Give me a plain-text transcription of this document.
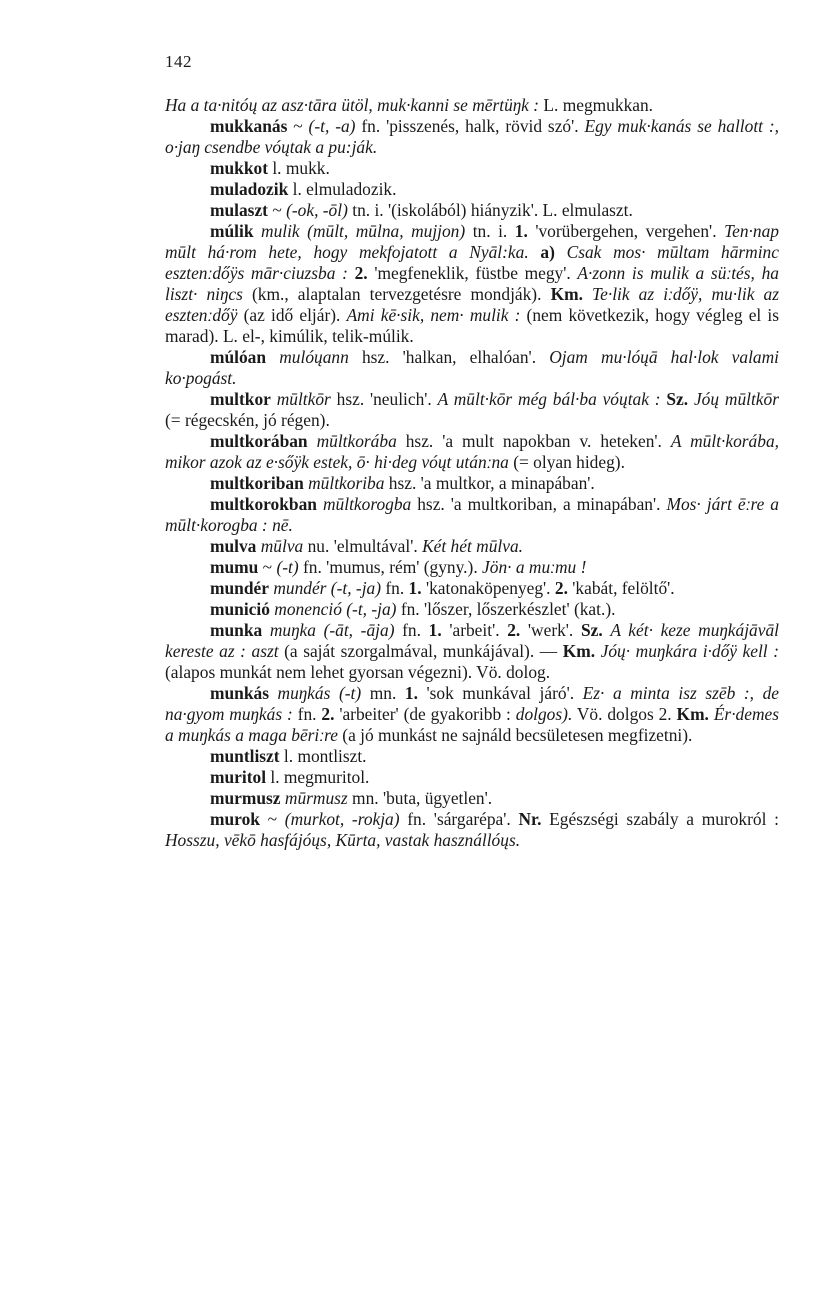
142

Ha a ta·nitóų az asz·tāra ütöl, muk·kanni se mērtüŋk : L. megmukkan.

mukkanás ~ (-t, -a) fn. 'pisszenés, halk, rövid szó'. Egy muk·kanás se hallott :, o·jaŋ csendbe vóųtak a pu:ják.

mukkot l. mukk.

muladozik l. elmuladozik.

mulaszt ~ (-ok, -ōl) tn. i. '(iskolából) hiányzik'. L. elmulaszt.

múlik mulik (mūlt, mūlna, mujjon) tn. i. 1. 'vorübergehen, vergehen'. Ten·nap mūlt há·rom hete, hogy mekfojatott a Nyāl:ka. a) Csak mos· mūltam hārminc esztenːdőÿs mār·ciuzsba : 2. 'megfeneklik, füstbe megy'. A·zonn is mulik a süːtés, ha liszt· niŋcs (km., alaptalan tervezgetésre mondják). Km. Te·lik az iːdőÿ, mu·lik az esztenːdőÿ (az idő eljár). Ami kē·sik, nem· mulik : (nem következik, hogy végleg el is marad). L. el-, kimúlik, telik-múlik.

múlóan mulóųann hsz. 'halkan, elhalóan'. Ojam mu·lóųā hal·lok valami ko·pogást.

multkor mūltkōr hsz. 'neulich'. A mūlt·kōr még bál·ba vóųtak : Sz. Jóų mūltkōr (= régecskén, jó régen).

multkorában mūltkorába hsz. 'a mult napokban v. heteken'. A mūlt·korába, mikor azok az e·sőÿk estek, ō· hi·deg vóųt utánːna (= olyan hideg).

multkoriban mūltkoriba hsz. 'a multkor, a minapában'.

multkorokban mūltkorogba hsz. 'a multkoriban, a minapában'. Mos· járt ēːre a mūlt·korogba : nē.

mulva mūlva nu. 'elmultával'. Két hét mūlva.

mumu ~ (-t) fn. 'mumus, rém' (gyny.). Jön· a muːmu !

mundér mundér (-t, -ja) fn. 1. 'katonaköpenyeg'. 2. 'kabát, felöltő'.

munició monenció (-t, -ja) fn. 'lőszer, lőszerkészlet' (kat.).

munka muŋka (-āt, -āja) fn. 1. 'arbeit'. 2. 'werk'. Sz. A két· keze muŋkájāvāl kereste az : aszt (a saját szorgalmával, munkájával). — Km. Jóų· muŋkára i·dőÿ kell : (alapos munkát nem lehet gyorsan végezni). Vö. dolog.

munkás muŋkás (-t) mn. 1. 'sok munkával járó'. Ez· a minta isz szēb :, de na·gyom muŋkás : fn. 2. 'arbeiter' (de gyakoribb : dolgos). Vö. dolgos 2. Km. Ér·demes a muŋkás a maga bēriːre (a jó munkást ne sajnáld becsületesen megfizetni).

muntliszt l. montliszt.

muritol l. megmuritol.

murmusz mūrmusz mn. 'buta, ügyetlen'.

murok ~ (murkot, -rokja) fn. 'sárgarépa'. Nr. Egészségi szabály a murokról : Hosszu, vēkō hasfájóųs, Kūrta, vastak használlóųs.
